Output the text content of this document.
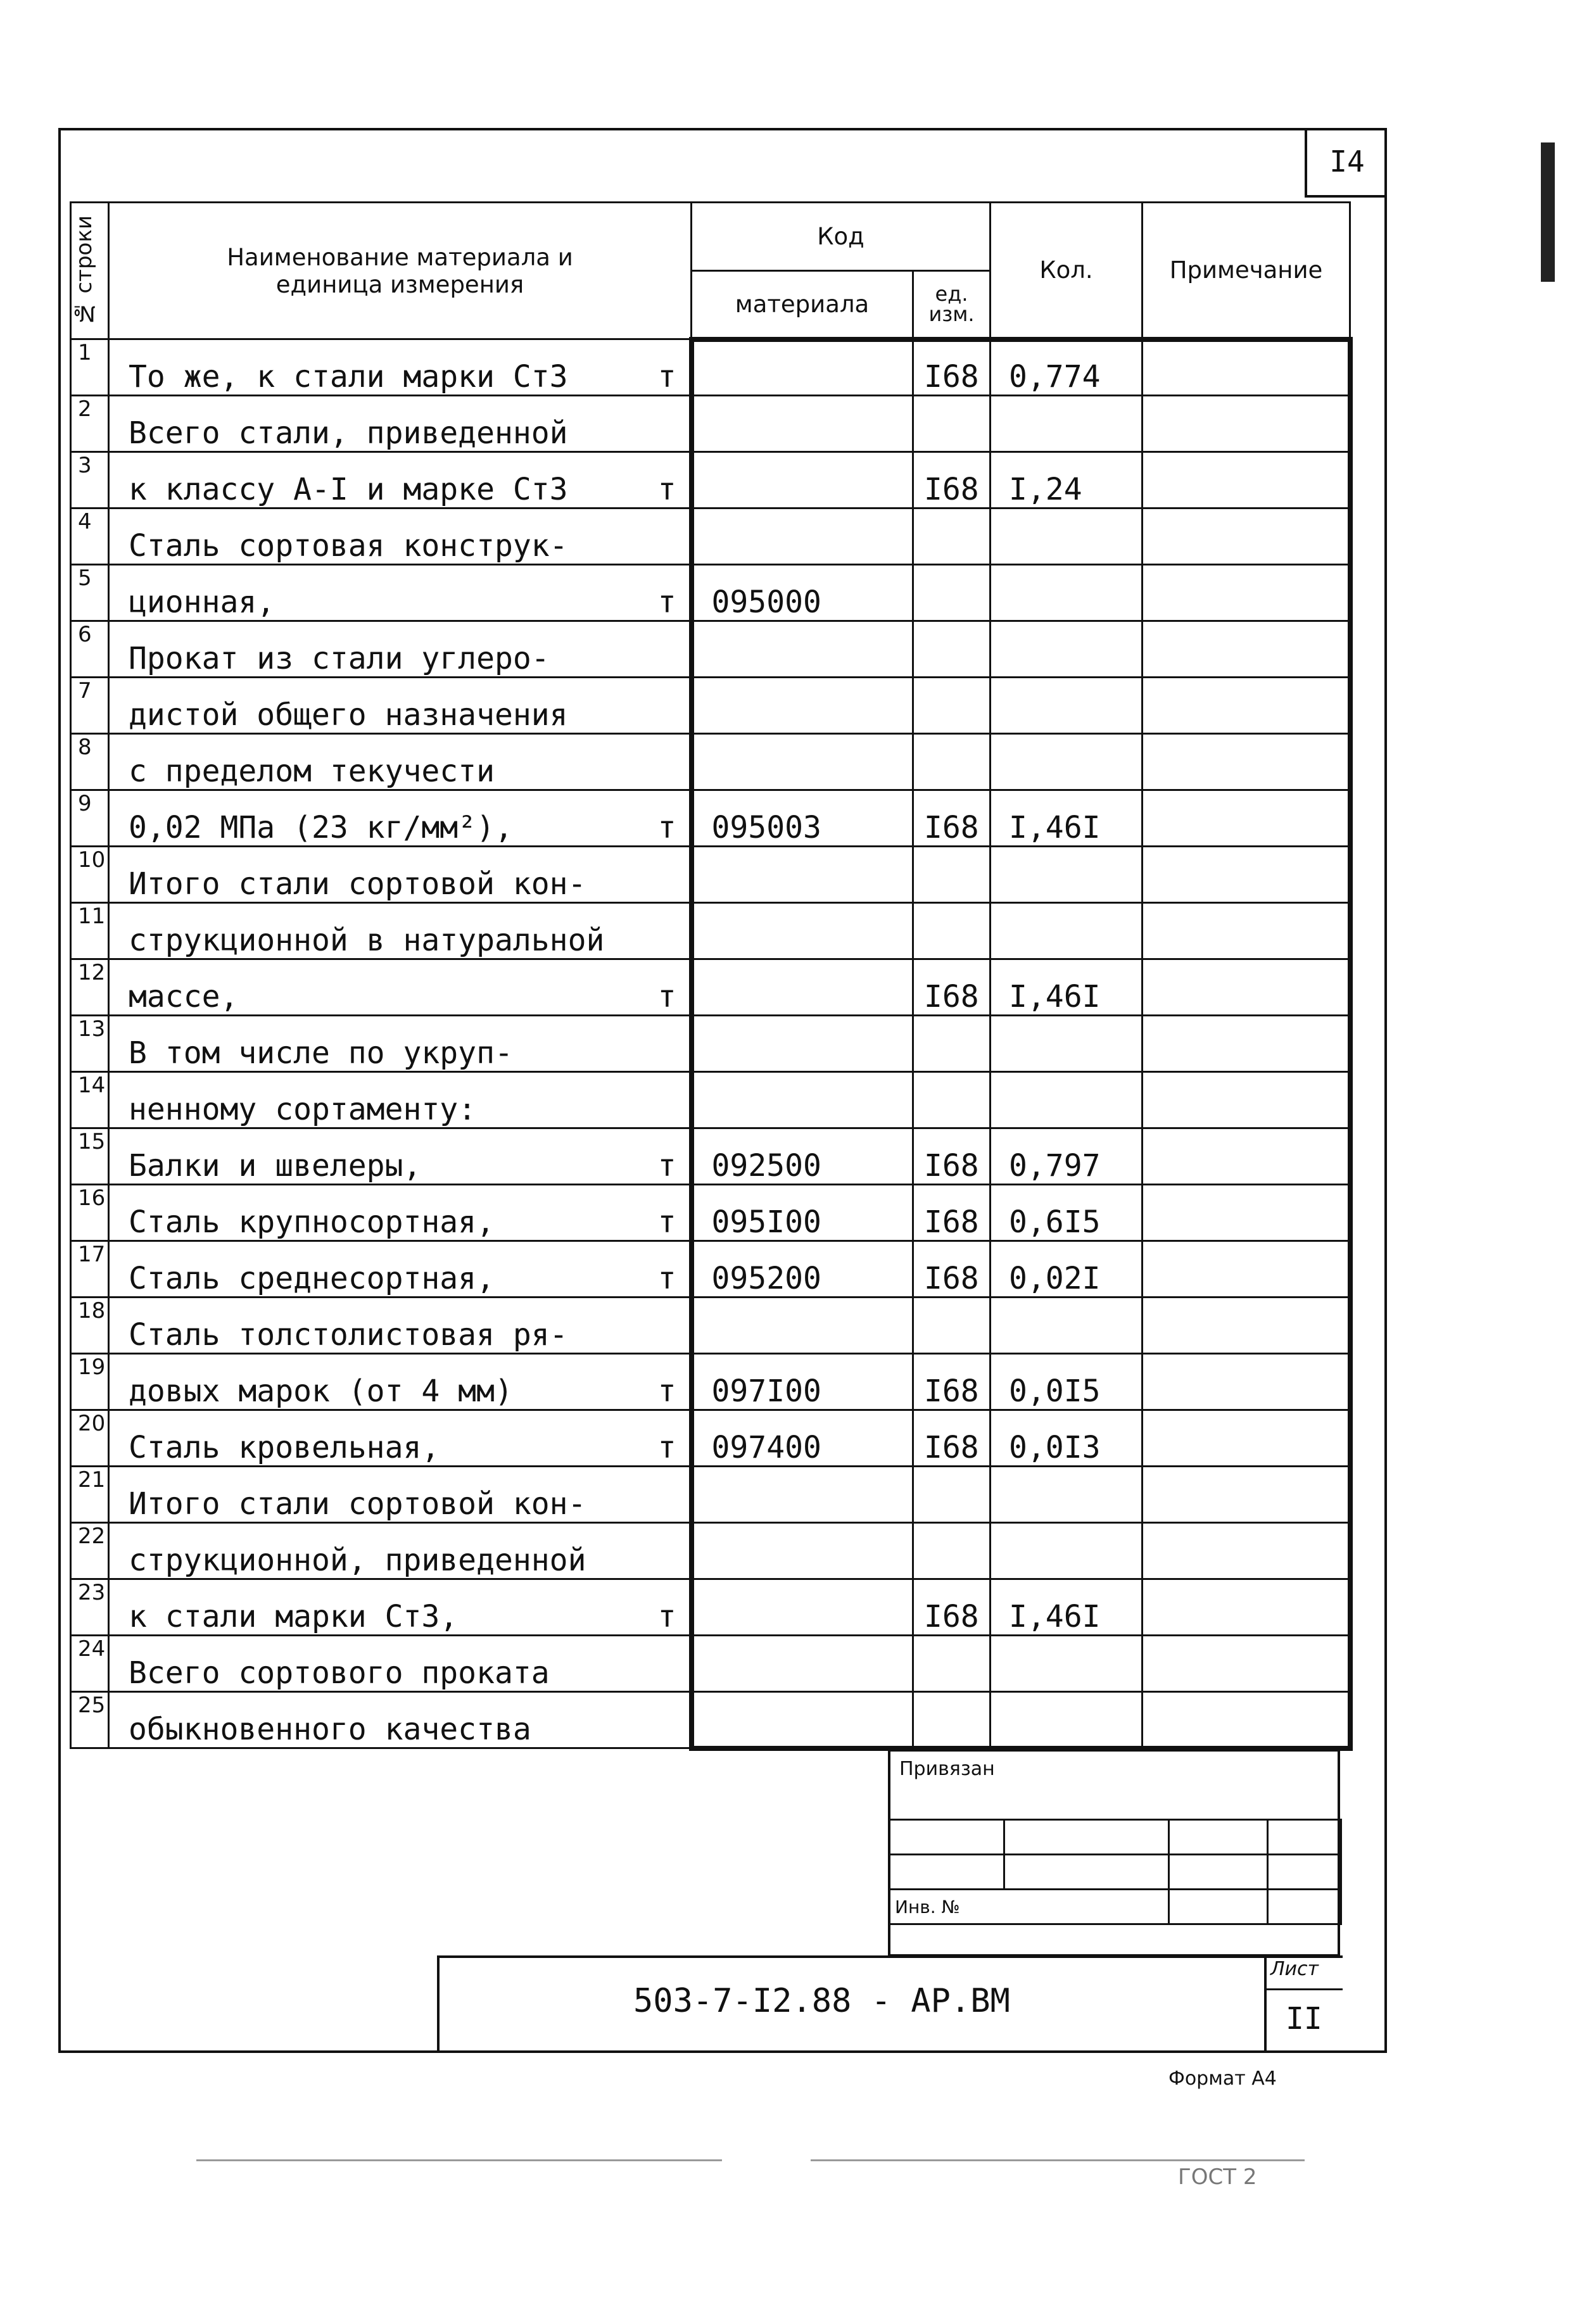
I4
№ строки	Наименование материала и единица измерения	Код		Кол.	Примечание
		материала	ед. изм.		
1	То же, к стали марки Ст3 т		I68	0,774	
2	Всего стали, приведенной				

3	к классу А-I и марке Ст3 т		I68	I,24	
4	Сталь сортовая конструк-				

5	ционная, т	095000			
6	Прокат из стали углеро-				

7	дистой общего назначения				

8	с пределом текучести				

9	0,02 МПа (23 кг/мм²), т	095003	I68	I,46I	
10	Итого стали сортовой кон-				

11	струкционной в натуральной				

12	массе, т		I68	I,46I	
13	В том числе по укруп-				

14	ненному сортаменту:				

15	Балки и швелеры, т	092500	I68	0,797	
16	Сталь крупносортная, т	095I00	I68	0,6I5	
17	Сталь среднесортная, т	095200	I68	0,02I	
18	Сталь толстолистовая ря-				

19	довых марок (от 4 мм) т	097I00	I68	0,0I5	
20	Сталь кровельная, т	097400	I68	0,0I3	
21	Итого стали сортовой кон-				

22	струкционной, приведенной				

23	к стали марки Ст3, т		I68	I,46I	
24	Всего сортового проката				

25	обыкновенного качества				

Привязан

Инв. №			
503-7-I2.88 - АР.ВМ
Лист
II
Формат А4
ГОСТ 2
